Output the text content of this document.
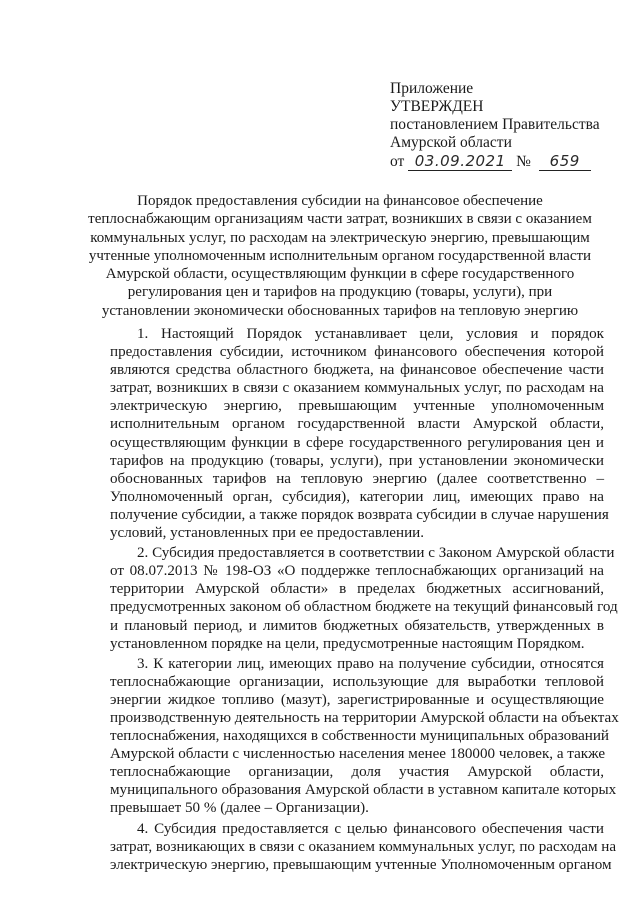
Приложение
УТВЕРЖДЕН
постановлением Правительства
Амурской области
от 03.09.2021 № 659
Порядок предоставления субсидии на финансовое обеспечение
теплоснабжающим организациям части затрат, возникших в связи с оказанием
коммунальных услуг, по расходам на электрическую энергию, превышающим
учтенные уполномоченным исполнительным органом государственной власти
Амурской области, осуществляющим функции в сфере государственного
регулирования цен и тарифов на продукцию (товары, услуги), при
установлении экономически обоснованных тарифов на тепловую энергию
1. Настоящий Порядок устанавливает цели, условия и порядок
предоставления субсидии, источником финансового обеспечения которой
являются средства областного бюджета, на финансовое обеспечение части
затрат, возникших в связи с оказанием коммунальных услуг, по расходам на
электрическую энергию, превышающим учтенные уполномоченным
исполнительным органом государственной власти Амурской области,
осуществляющим функции в сфере государственного регулирования цен и
тарифов на продукцию (товары, услуги), при установлении экономически
обоснованных тарифов на тепловую энергию (далее соответственно –
Уполномоченный орган, субсидия), категории лиц, имеющих право на
получение субсидии, а также порядок возврата субсидии в случае нарушения
условий, установленных при ее предоставлении.
2. Субсидия предоставляется в соответствии с Законом Амурской области
от 08.07.2013 № 198-ОЗ «О поддержке теплоснабжающих организаций на
территории Амурской области» в пределах бюджетных ассигнований,
предусмотренных законом об областном бюджете на текущий финансовый год
и плановый период, и лимитов бюджетных обязательств, утвержденных в
установленном порядке на цели, предусмотренные настоящим Порядком.
3. К категории лиц, имеющих право на получение субсидии, относятся
теплоснабжающие организации, использующие для выработки тепловой
энергии жидкое топливо (мазут), зарегистрированные и осуществляющие
производственную деятельность на территории Амурской области на объектах
теплоснабжения, находящихся в собственности муниципальных образований
Амурской области с численностью населения менее 180000 человек, а также
теплоснабжающие организации, доля участия Амурской области,
муниципального образования Амурской области в уставном капитале которых
превышает 50 % (далее – Организации).
4. Субсидия предоставляется с целью финансового обеспечения части
затрат, возникающих в связи с оказанием коммунальных услуг, по расходам на
электрическую энергию, превышающим учтенные Уполномоченным органом
